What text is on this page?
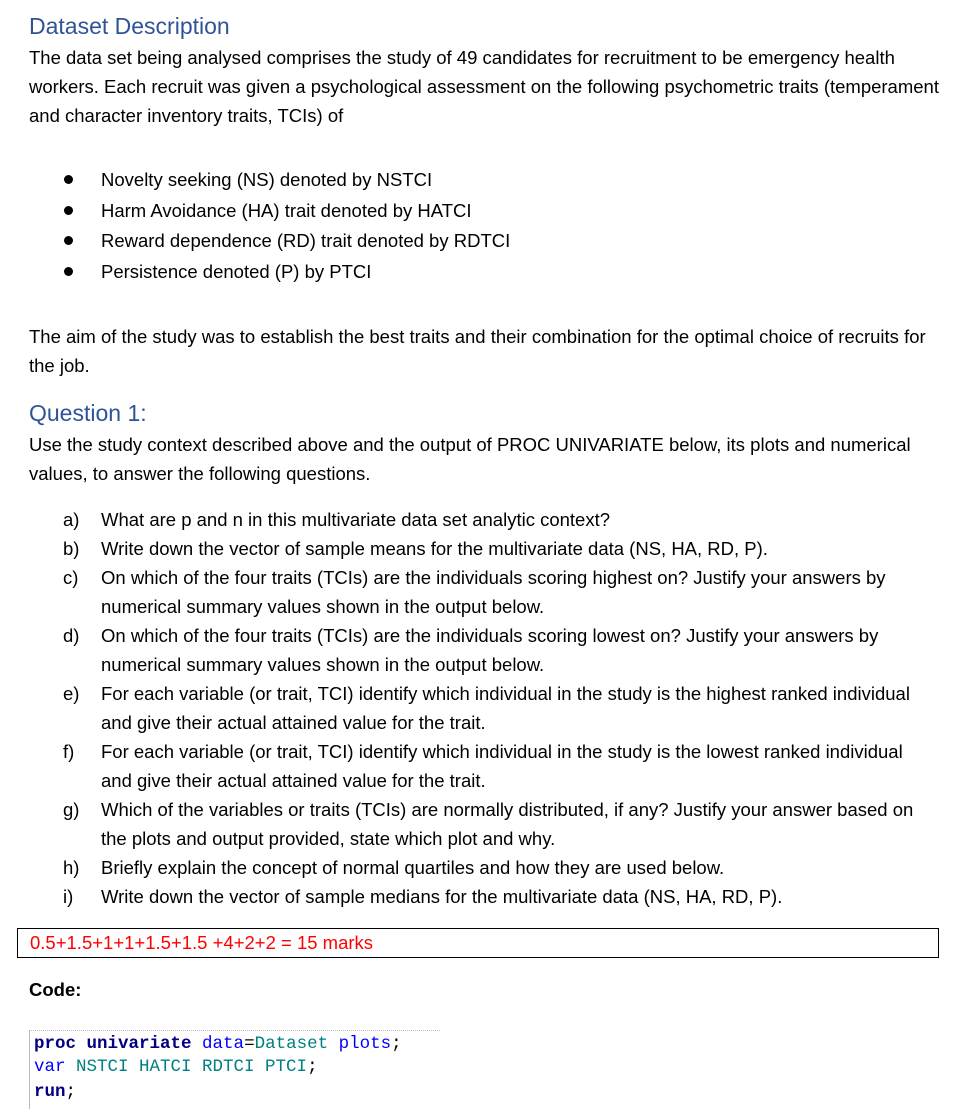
Dataset Description

The data set being analysed comprises the study of 49 candidates for recruitment to be emergency health workers. Each recruit was given a psychological assessment on the following psychometric traits (temperament and character inventory traits, TCIs) of

Novelty seeking (NS) denoted by NSTCI
Harm Avoidance (HA) trait denoted by HATCI
Reward dependence (RD) trait denoted by RDTCI
Persistence denoted (P) by PTCI

The aim of the study was to establish the best traits and their combination for the optimal choice of recruits for the job.

Question 1:

Use the study context described above and the output of PROC UNIVARIATE below, its plots and numerical values, to answer the following questions.

a) What are p and n in this multivariate data set analytic context?
b) Write down the vector of sample means for the multivariate data (NS, HA, RD, P).
c) On which of the four traits (TCIs) are the individuals scoring highest on? Justify your answers by numerical summary values shown in the output below.
d) On which of the four traits (TCIs) are the individuals scoring lowest on? Justify your answers by numerical summary values shown in the output below.
e) For each variable (or trait, TCI) identify which individual in the study is the highest ranked individual and give their actual attained value for the trait.
f) For each variable (or trait, TCI) identify which individual in the study is the lowest ranked individual and give their actual attained value for the trait.
g) Which of the variables or traits (TCIs) are normally distributed, if any? Justify your answer based on the plots and output provided, state which plot and why.
h) Briefly explain the concept of normal quartiles and how they are used below.
i) Write down the vector of sample medians for the multivariate data (NS, HA, RD, P).
0.5+1.5+1+1+1.5+1.5 +4+2+2 = 15 marks
Code:
proc univariate data=Dataset plots;
var NSTCI HATCI RDTCI PTCI;
run;
